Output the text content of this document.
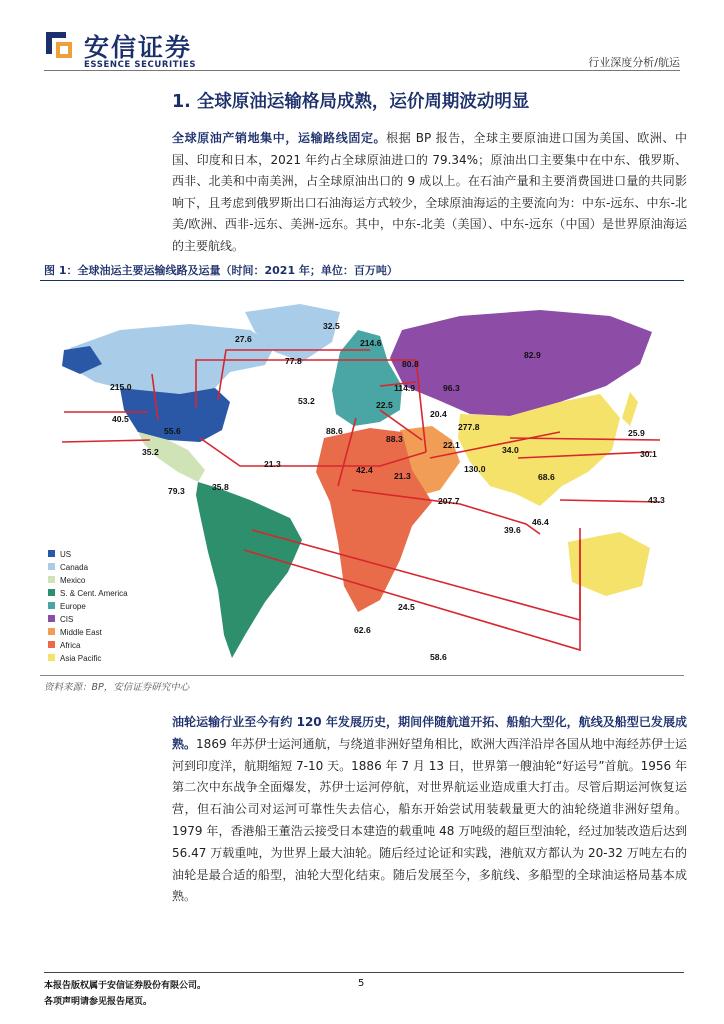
安信证券
ESSENCE SECURITIES	行业深度分析/航运
1. 全球原油运输格局成熟，运价周期波动明显

全球原油产销地集中，运输路线固定。根据 BP 报告，全球主要原油进口国为美国、欧洲、中国、印度和日本，2021 年约占全球原油进口的 79.34%；原油出口主要集中在中东、俄罗斯、西非、北美和中南美洲，占全球原油出口的 9 成以上。在石油产量和主要消费国进口量的共同影响下，且考虑到俄罗斯出口石油海运方式较少，全球原油海运的主要流向为：中东-远东、中东-北美/欧洲、西非-远东、美洲-远东。其中，中东-北美（美国）、中东-远东（中国）是世界原油海运的主要航线。

图 1：全球油运主要运输线路及运量（时间：2021 年；单位：百万吨）
32.5
27.6	214.6
77.8	80.8
82.9
215.0	114.9	96.3
53.2	22.5
20.4
40.5
55.6	88.6
88.3
277.8
25.9
35.2
22.1	34.0	30.1
21.3
42.4
21.3
130.0
68.6
79.3	35.8
207.7	43.3
46.4
39.6
24.5
62.6
58.6
US
Canada
Mexico
S. & Cent. America
Europe
CIS
Middle East
Africa
Asia Pacific
资料来源：BP，安信证券研究中心

油轮运输行业至今有约 120 年发展历史，期间伴随航道开拓、船舶大型化，航线及船型已发展成熟。1869 年苏伊士运河通航，与绕道非洲好望角相比，欧洲大西洋沿岸各国从地中海经苏伊士运河到印度洋，航期缩短 7-10 天。1886 年 7 月 13 日，世界第一艘油轮“好运号”首航。1956 年第二次中东战争全面爆发，苏伊士运河停航，对世界航运业造成重大打击。尽管后期运河恢复运营，但石油公司对运河可靠性失去信心，船东开始尝试用装载量更大的油轮绕道非洲好望角。1979 年，香港船王董浩云接受日本建造的载重吨 48 万吨级的超巨型油轮，经过加装改造后达到 56.47 万载重吨，为世界上最大油轮。随后经过论证和实践，港航双方都认为 20-32 万吨左右的油轮是最合适的船型，油轮大型化结束。随后发展至今，多航线、多船型的全球油运格局基本成熟。

本报告版权属于安信证券股份有限公司。
各项声明请参见报告尾页。
5
